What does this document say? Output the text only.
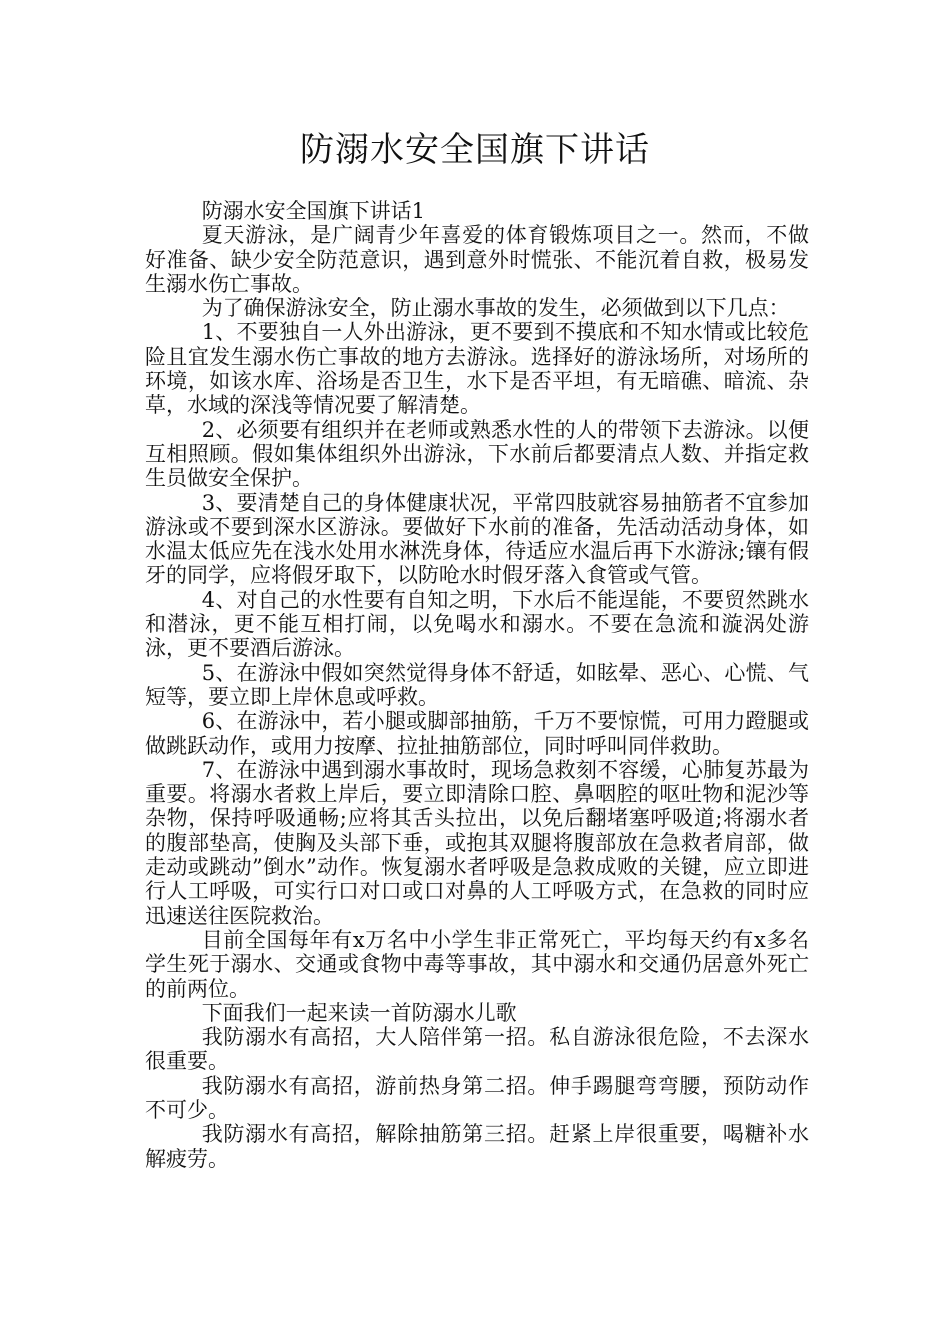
防溺水安全国旗下讲话

防溺水安全国旗下讲话1

夏天游泳，是广阔青少年喜爱的体育锻炼项目之一。然而，不做好准备、缺少安全防范意识，遇到意外时慌张、不能沉着自救，极易发生溺水伤亡事故。

为了确保游泳安全，防止溺水事故的发生，必须做到以下几点：

1、不要独自一人外出游泳，更不要到不摸底和不知水情或比较危险且宜发生溺水伤亡事故的地方去游泳。选择好的游泳场所，对场所的环境，如该水库、浴场是否卫生，水下是否平坦，有无暗礁、暗流、杂草，水域的深浅等情况要了解清楚。

2、必须要有组织并在老师或熟悉水性的人的带领下去游泳。以便互相照顾。假如集体组织外出游泳，下水前后都要清点人数、并指定救生员做安全保护。

3、要清楚自己的身体健康状况，平常四肢就容易抽筋者不宜参加游泳或不要到深水区游泳。要做好下水前的准备，先活动活动身体，如水温太低应先在浅水处用水淋洗身体，待适应水温后再下水游泳;镶有假牙的同学，应将假牙取下，以防呛水时假牙落入食管或气管。

4、对自己的水性要有自知之明，下水后不能逞能，不要贸然跳水和潜泳，更不能互相打闹，以免喝水和溺水。不要在急流和漩涡处游泳，更不要酒后游泳。

5、在游泳中假如突然觉得身体不舒适，如眩晕、恶心、心慌、气短等，要立即上岸休息或呼救。

6、在游泳中，若小腿或脚部抽筋，千万不要惊慌，可用力蹬腿或做跳跃动作，或用力按摩、拉扯抽筋部位，同时呼叫同伴救助。

7、在游泳中遇到溺水事故时，现场急救刻不容缓，心肺复苏最为重要。将溺水者救上岸后，要立即清除口腔、鼻咽腔的呕吐物和泥沙等杂物，保持呼吸通畅;应将其舌头拉出，以免后翻堵塞呼吸道;将溺水者的腹部垫高，使胸及头部下垂，或抱其双腿将腹部放在急救者肩部，做走动或跳动”倒水”动作。恢复溺水者呼吸是急救成败的关键，应立即进行人工呼吸，可实行口对口或口对鼻的人工呼吸方式，在急救的同时应迅速送往医院救治。

目前全国每年有x万名中小学生非正常死亡，平均每天约有x多名学生死于溺水、交通或食物中毒等事故，其中溺水和交通仍居意外死亡的前两位。

下面我们一起来读一首防溺水儿歌

我防溺水有高招，大人陪伴第一招。私自游泳很危险，不去深水很重要。

我防溺水有高招，游前热身第二招。伸手踢腿弯弯腰，预防动作不可少。

我防溺水有高招，解除抽筋第三招。赶紧上岸很重要，喝糖补水解疲劳。
